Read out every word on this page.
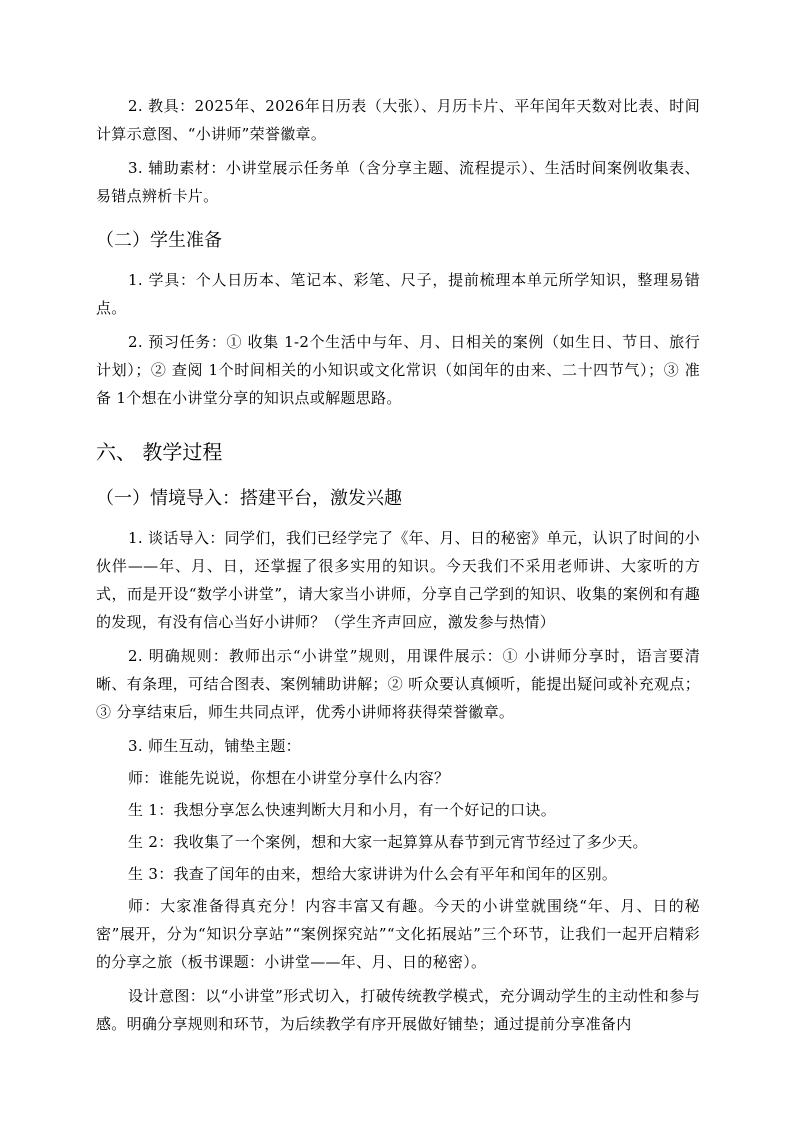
2. 教具：2025年、2026年日历表（大张）、月历卡片、平年闰年天数对比表、时间计算示意图、“小讲师”荣誉徽章。

3. 辅助素材：小讲堂展示任务单（含分享主题、流程提示）、生活时间案例收集表、易错点辨析卡片。

（二）学生准备

1. 学具：个人日历本、笔记本、彩笔、尺子，提前梳理本单元所学知识，整理易错点。

2. 预习任务：① 收集 1-2个生活中与年、月、日相关的案例（如生日、节日、旅行计划）；② 查阅 1个时间相关的小知识或文化常识（如闰年的由来、二十四节气）；③ 准备 1个想在小讲堂分享的知识点或解题思路。

六、 教学过程
（一）情境导入：搭建平台，激发兴趣

1. 谈话导入：同学们，我们已经学完了《年、月、日的秘密》单元，认识了时间的小伙伴——年、月、日，还掌握了很多实用的知识。今天我们不采用老师讲、大家听的方式，而是开设“数学小讲堂”，请大家当小讲师，分享自己学到的知识、收集的案例和有趣的发现，有没有信心当好小讲师？（学生齐声回应，激发参与热情）

2. 明确规则：教师出示“小讲堂”规则，用课件展示：① 小讲师分享时，语言要清晰、有条理，可结合图表、案例辅助讲解；② 听众要认真倾听，能提出疑问或补充观点；③ 分享结束后，师生共同点评，优秀小讲师将获得荣誉徽章。

3. 师生互动，铺垫主题：

师：谁能先说说，你想在小讲堂分享什么内容？

生 1：我想分享怎么快速判断大月和小月，有一个好记的口诀。

生 2：我收集了一个案例，想和大家一起算算从春节到元宵节经过了多少天。

生 3：我查了闰年的由来，想给大家讲讲为什么会有平年和闰年的区别。

师：大家准备得真充分！内容丰富又有趣。今天的小讲堂就围绕“年、月、日的秘密”展开，分为“知识分享站”“案例探究站”“文化拓展站”三个环节，让我们一起开启精彩的分享之旅（板书课题：小讲堂——年、月、日的秘密）。

设计意图：以“小讲堂”形式切入，打破传统教学模式，充分调动学生的主动性和参与感。明确分享规则和环节，为后续教学有序开展做好铺垫；通过提前分享准备内
